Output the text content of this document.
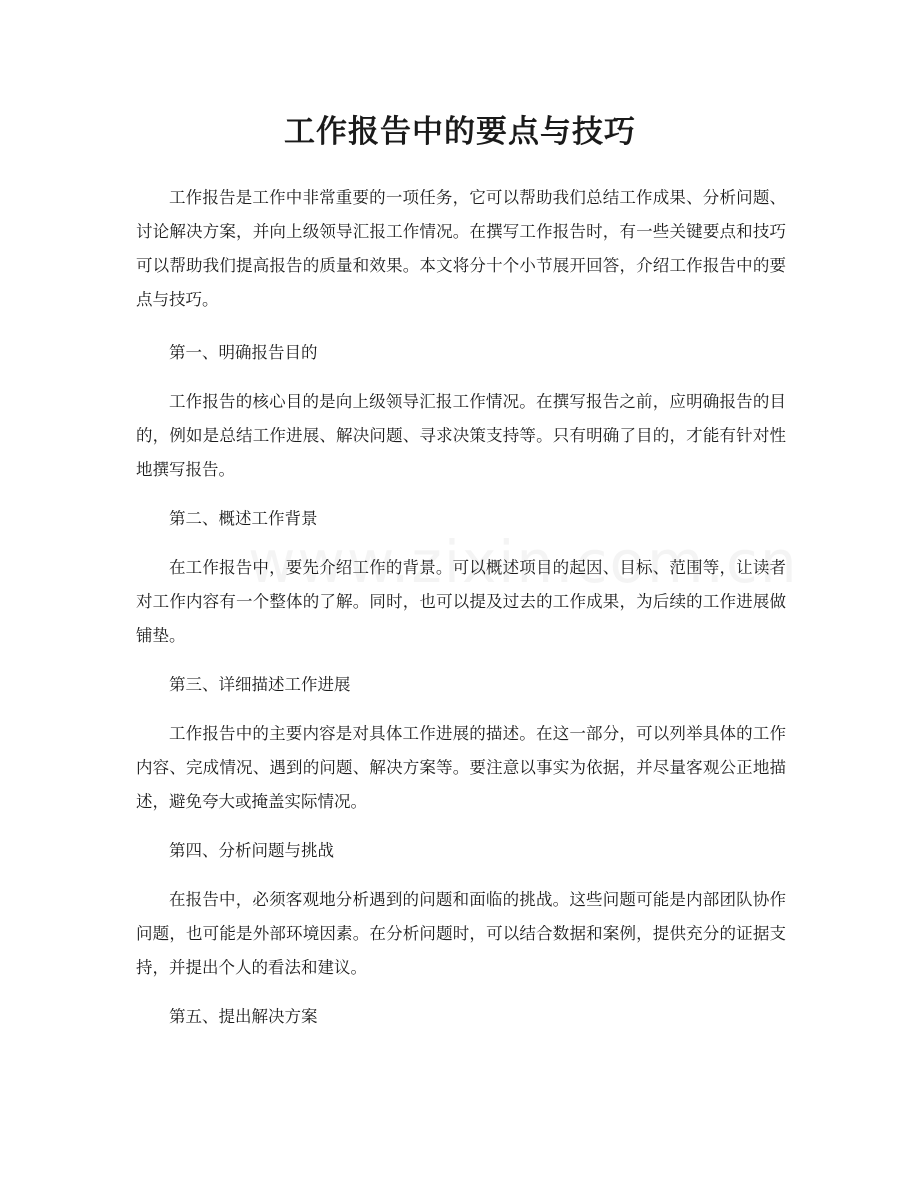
工作报告中的要点与技巧

工作报告是工作中非常重要的一项任务，它可以帮助我们总结工作成果、分析问题、讨论解决方案，并向上级领导汇报工作情况。在撰写工作报告时，有一些关键要点和技巧可以帮助我们提高报告的质量和效果。本文将分十个小节展开回答，介绍工作报告中的要点与技巧。

第一、明确报告目的

工作报告的核心目的是向上级领导汇报工作情况。在撰写报告之前，应明确报告的目的，例如是总结工作进展、解决问题、寻求决策支持等。只有明确了目的，才能有针对性地撰写报告。

第二、概述工作背景

在工作报告中，要先介绍工作的背景。可以概述项目的起因、目标、范围等，让读者对工作内容有一个整体的了解。同时，也可以提及过去的工作成果，为后续的工作进展做铺垫。

第三、详细描述工作进展

工作报告中的主要内容是对具体工作进展的描述。在这一部分，可以列举具体的工作内容、完成情况、遇到的问题、解决方案等。要注意以事实为依据，并尽量客观公正地描述，避免夸大或掩盖实际情况。

第四、分析问题与挑战

在报告中，必须客观地分析遇到的问题和面临的挑战。这些问题可能是内部团队协作问题，也可能是外部环境因素。在分析问题时，可以结合数据和案例，提供充分的证据支持，并提出个人的看法和建议。

第五、提出解决方案
